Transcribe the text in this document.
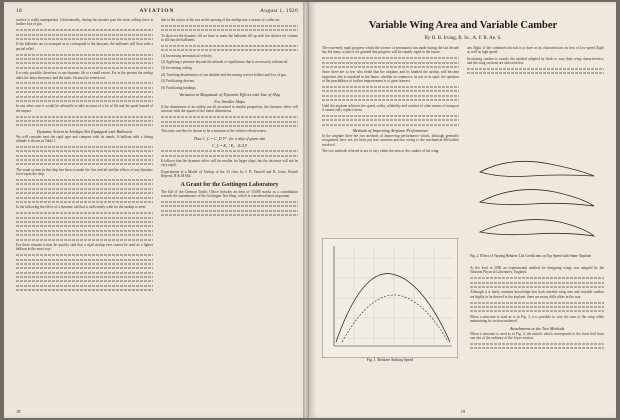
18	AVIATION	August 1, 1920

surface is really unimportant. Unfortunately, during the mooner part the static rolling force is further loss of gas.

If the ballonets are so arranged as to correspond to the buoyant, the ballonets will float with a partial relief.

It is only possible, therefore, to use dynamic lift to a small extent. For in the present the airship takes the latter buoyancy and the static lift must be reinforced.

In any other case it would be advisable to take account of a lot of lift and the great hazard of the impact.

Dynamic Action in Airships Not Equipped with Ballonets

We will consider next the rigid type and compare with its trends. A balloon with a diving altitude is shown in Table 1.

The usual system in this ship has been to make the fore and aft and the effects of any dynamic force upon the ship.

In the following the effect of a dynamic aid that is sufficiently wide for the airship to steer.

For those reasons it may be quickly said that a rigid airship ever cannot be used as a lighter balloon in the most way.

due to the action of the sun on the passing of the airship into a stream of colder air.

To discover the dynamic lift we have to make the ballonets fill up with the relative air volume to fill into the ballonets.

(1) Increasing aeronautical velocity.

(2) Applying a pressure beyond the altitude of equilibrium that is necessarily influenced.

(3) Increasing ceiling.

(4) Touching disturbances of our altitude and decreasing reserve ballast and loss of gas.

(5) Facilitating descent.

(6) Facilitating landings.

Variation in Magnitude of Dynamic Effects with Size of Ship
For Smaller Ships

If the dimensions of an airship are all increased in similar proportion, the dynamic effect will increase with the square of the linear dimensions.

This ratio can thus be shown to be a measure of the relative effectiveness.

Thus C_L = C_D V² · for a ship of given size
C_L = K₁ / K₂ · (L/L)²

It follows that the dynamic effect will be smaller for larger ships, but the decrease will not be very rapid.

Experiments at a Model of Airship of the 23 class by J. R. Pannell and R. Jones, British Reports, R & M 664.

A Grant for the Gottingen Laboratory

The bill of the German Traffic Office includes an item of 35,000 marks as a contribution towards the maintenance of the Gottingen Test Shop, which is considered most important.

18
Variable Wing Area and Variable Camber
By H. B. Irving, B. Sc., A. F. R. Ae. S.

The extremely rapid progress which the science of aeronautics has made during the last decade has led many to take it for granted that progress will be equally rapid in the future.

Since there are so few who doubt that the airplane, and its kindred the airship, will become important aids to mankind in the future, whether in commerce, in war or in sport, the question of the possibilities of further improvement is of great interest.

Until the airplane achieves the speed, safety, reliability and comfort of other means of transport it cannot fully replace them.

Methods of Improving Airplane Performance

In the airplane there are two methods of improving performance which, although generally recognized, have not yet been put into common practice owing to the mechanical difficulties involved.

The two methods referred to are to vary either the area or the camber of the wing.

any flight. If the combined aircraft is to have as its characteristics no loss of low-speed flight as well as high speed.

Increasing camber is exactly the method adopted by birds to vary their wing characteristics, and the wing sections are shown below.

Fig. 2. Effect of Varying Relative Lift Coefficient on Top Speed with Same Airplane

At the load in 2000 an experimental method for designing wings was adopted by the National Physical Laboratory, England.

Although it is fairly common knowledge that both variable wing area and variable camber are highly to be desired in the airplane, there are many difficulties in the way.

When a structure is used as is in Fig. 3, it is possible to vary the area of the wing while maintaining its section unaltered.

Attachments at the Two Methods

When a structure is used as in Fig. 4, the airfoils which corresponds to the front half from one slot of the ordinary of the lower section.

Fig. 1. Relative Sinking Speed
19
